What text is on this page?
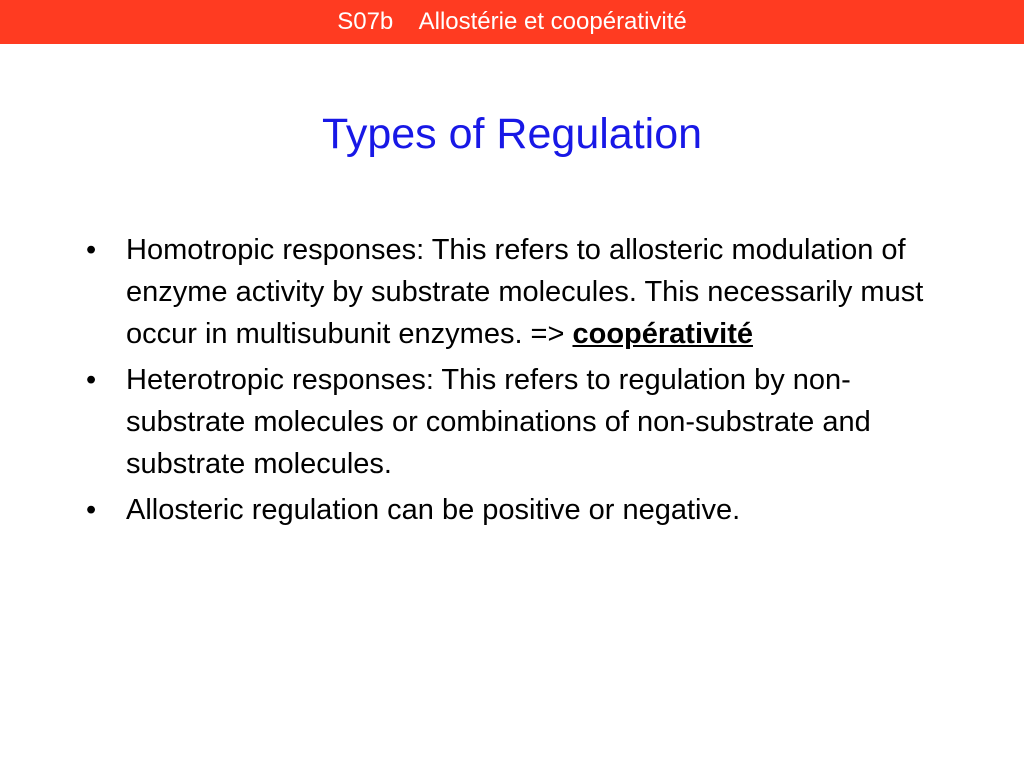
S07b    Allostérie et coopérativité
Types of Regulation
•	Homotropic responses: This refers to allosteric modulation of enzyme activity by substrate molecules. This necessarily must occur in multisubunit enzymes. => coopérativité
•	Heterotropic responses: This refers to regulation by non-substrate molecules or combinations of non-substrate and substrate molecules.
•	Allosteric regulation can be positive or negative.
